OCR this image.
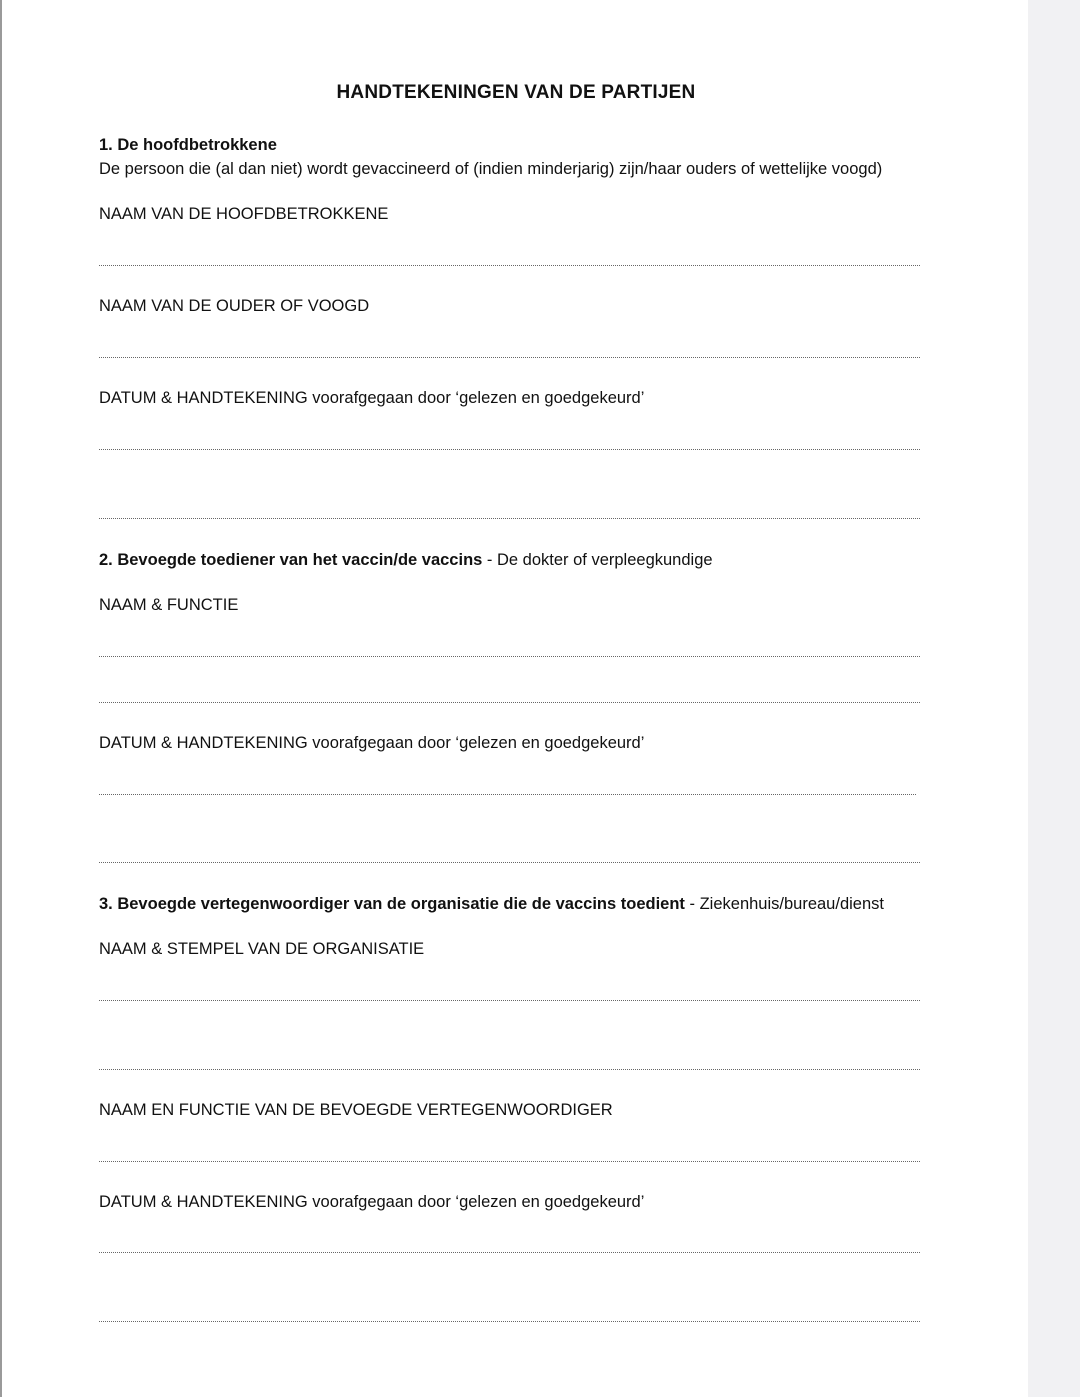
HANDTEKENINGEN VAN DE PARTIJEN
1. De hoofdbetrokkene
De persoon die (al dan niet) wordt gevaccineerd of (indien minderjarig) zijn/haar ouders of wettelijke voogd)
NAAM VAN DE HOOFDBETROKKENE
NAAM VAN DE OUDER OF VOOGD
DATUM & HANDTEKENING voorafgegaan door ‘gelezen en goedgekeurd’
2. Bevoegde toediener van het vaccin/de vaccins - De dokter of verpleegkundige
NAAM & FUNCTIE
DATUM & HANDTEKENING voorafgegaan door ‘gelezen en goedgekeurd’
3. Bevoegde vertegenwoordiger van de organisatie die de vaccins toedient - Ziekenhuis/bureau/dienst
NAAM & STEMPEL VAN DE ORGANISATIE
NAAM EN FUNCTIE VAN DE BEVOEGDE VERTEGENWOORDIGER
DATUM & HANDTEKENING voorafgegaan door ‘gelezen en goedgekeurd’
